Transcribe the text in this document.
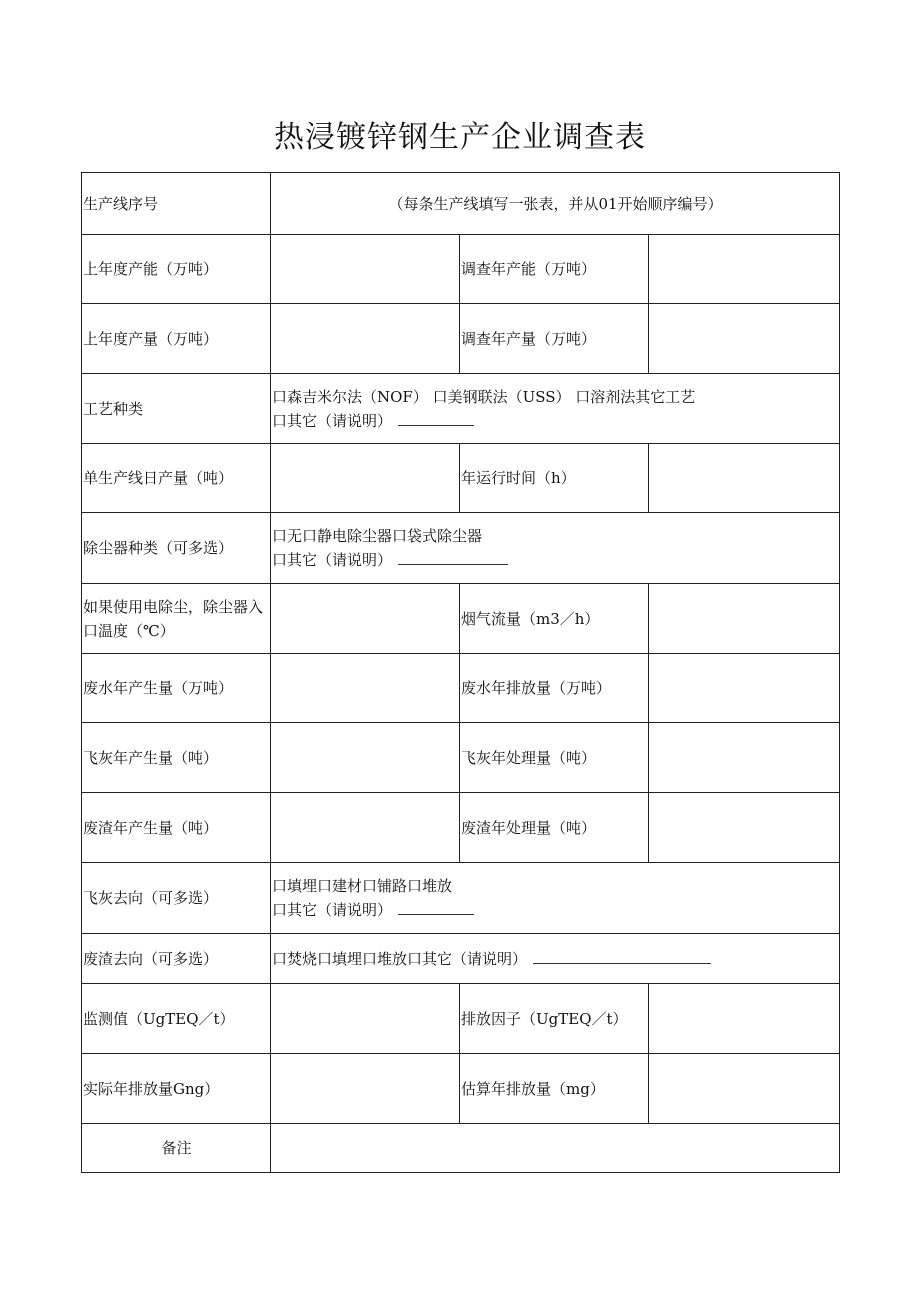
热浸镀锌钢生产企业调查表
生产线序号	（每条生产线填写一张表，并从01开始顺序编号）		
上年度产能（万吨）		调查年产能（万吨）	
上年度产量（万吨）		调查年产量（万吨）	
工艺种类	口森吉米尔法（NOF） 口美钢联法（USS） 口溶剂法其它工艺
口其它（请说明）		

单生产线日产量（吨）		年运行时间（h）	
除尘器种类（可多选）	口无口静电除尘器口袋式除尘器
口其它（请说明）		

如果使用电除尘，除尘器入口温度（℃）		烟气流量（m3／h）	
废水年产生量（万吨）		废水年排放量（万吨）	
飞灰年产生量（吨）		飞灰年处理量（吨）	
废渣年产生量（吨）		废渣年处理量（吨）	
飞灰去向（可多选）	口填埋口建材口铺路口堆放
口其它（请说明）		

废渣去向（可多选）	口焚烧口填埋口堆放口其它（请说明）		
监测值（UgTEQ／t）		排放因子（UgTEQ／t）	
实际年排放量Gng）		估算年排放量（mg）	
备注			
